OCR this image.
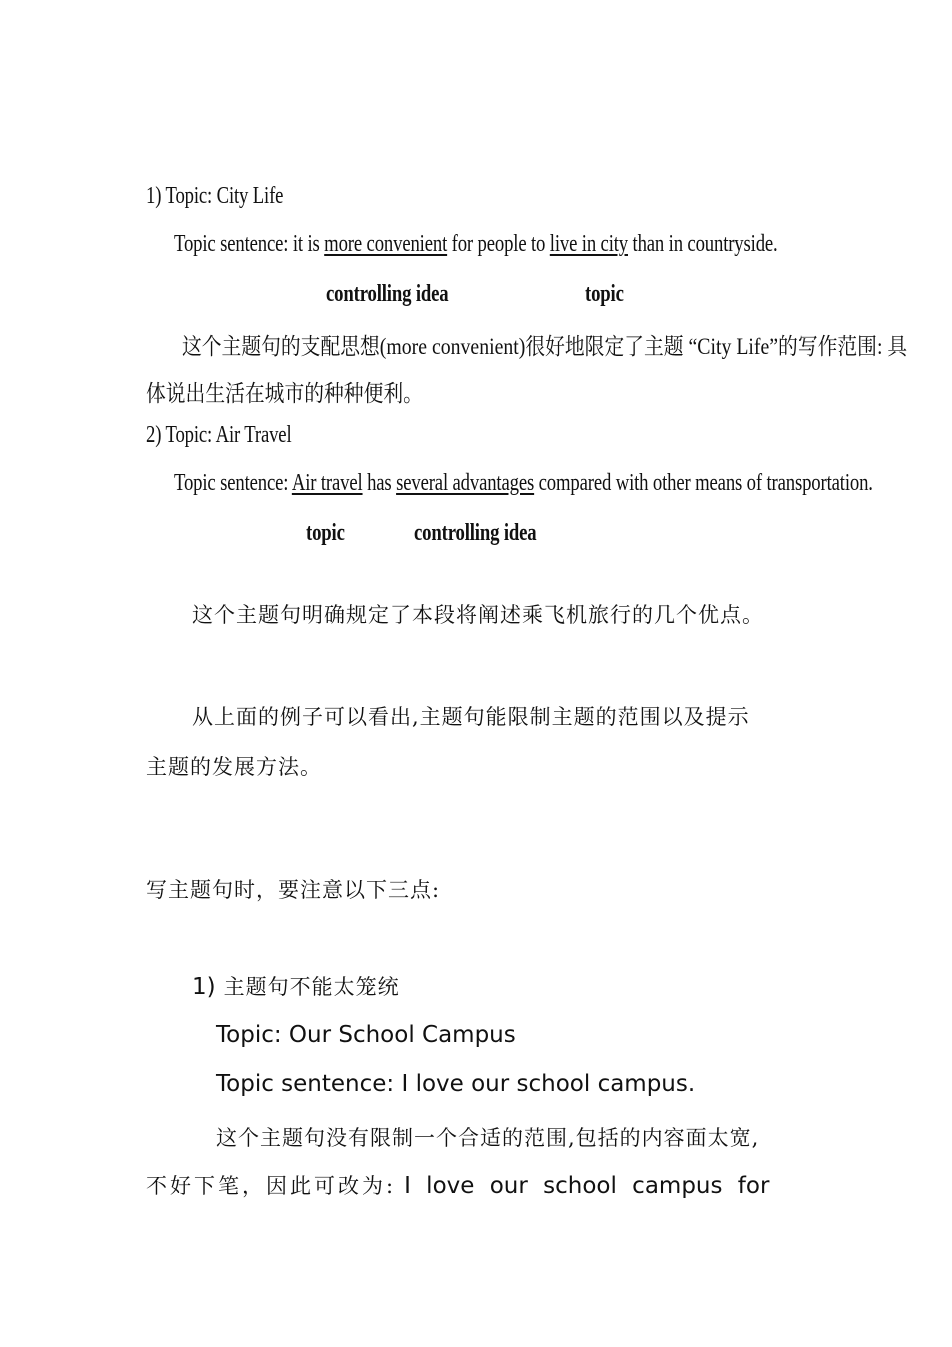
1) Topic: City Life
Topic sentence: it is more convenient for people to live in city than in countryside.
controlling idea	topic
这个主题句的支配思想(more convenient)很好地限定了主题 “City Life”的写作范围: 具
体说出生活在城市的种种便利。
2) Topic: Air Travel
Topic sentence: Air travel has several advantages compared with other means of transportation.
topic	controlling idea
这个主题句明确规定了本段将阐述乘飞机旅行的几个优点。
从上面的例子可以看出,主题句能限制主题的范围以及提示
主题的发展方法。
写主题句时，要注意以下三点:
1) 主题句不能太笼统
Topic: Our School Campus
Topic sentence: I love our school campus.
这个主题句没有限制一个合适的范围,包括的内容面太宽,
不好下笔，因此可改为: I love our school campus for
